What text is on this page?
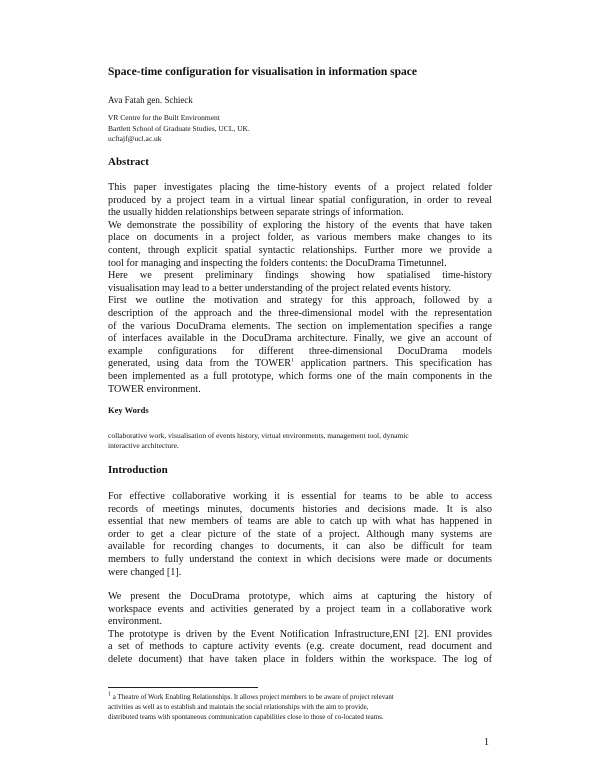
Space-time configuration for visualisation in information space
Ava Fatah gen. Schieck
VR Centre for the Built Environment
Bartlett School of Graduate Studies, UCL, UK.
ucftajf@ucl.ac.uk
Abstract
This paper investigates placing the time-history events of a project related folder
produced by a project team in a virtual linear spatial configuration, in order to reveal
the usually hidden relationships between separate strings of information.
We demonstrate the possibility of exploring the history of the events that have taken
place on documents in a project folder, as various members make changes to its
content, through explicit spatial syntactic relationships. Further more we provide a
tool for managing and inspecting the folders contents: the DocuDrama Timetunnel.
Here we present preliminary findings showing how spatialised time-history
visualisation may lead to a better understanding of the project related events history.
First we outline the motivation and strategy for this approach, followed by a
description of the approach and the three-dimensional model with the representation
of the various DocuDrama elements. The section on implementation specifies a range
of interfaces available in the DocuDrama architecture. Finally, we give an account of
example configurations for different three-dimensional DocuDrama models
generated, using data from the TOWER$^1$ application partners. This specification has
been implemented as a full prototype, which forms one of the main components in the
TOWER environment.
Key Words
collaborative work, visualisation of events history, virtual environments, management tool, dynamic
interactive architecture.
Introduction
For effective collaborative working it is essential for teams to be able to access
records of meetings minutes, documents histories and decisions made. It is also
essential that new members of teams are able to catch up with what has happened in
order to get a clear picture of the state of a project. Although many systems are
available for recording changes to documents, it can also be difficult for team
members to fully understand the context in which decisions were made or documents
were changed [1].
We present the DocuDrama prototype, which aims at capturing the history of
workspace events and activities generated by a project team in a collaborative work
environment.
The prototype is driven by the Event Notification Infrastructure,ENI [2]. ENI provides
a set of methods to capture activity events (e.g. create document, read document and
delete document) that have taken place in folders within the workspace. The log of
$^1$ a Theatre of Work Enabling Relationships. It allows project members to be aware of project relevant
activities as well as to establish and maintain the social relationships with the aim to provide,
distributed teams with spontaneous communication capabilities close to those of co-located teams.
1
